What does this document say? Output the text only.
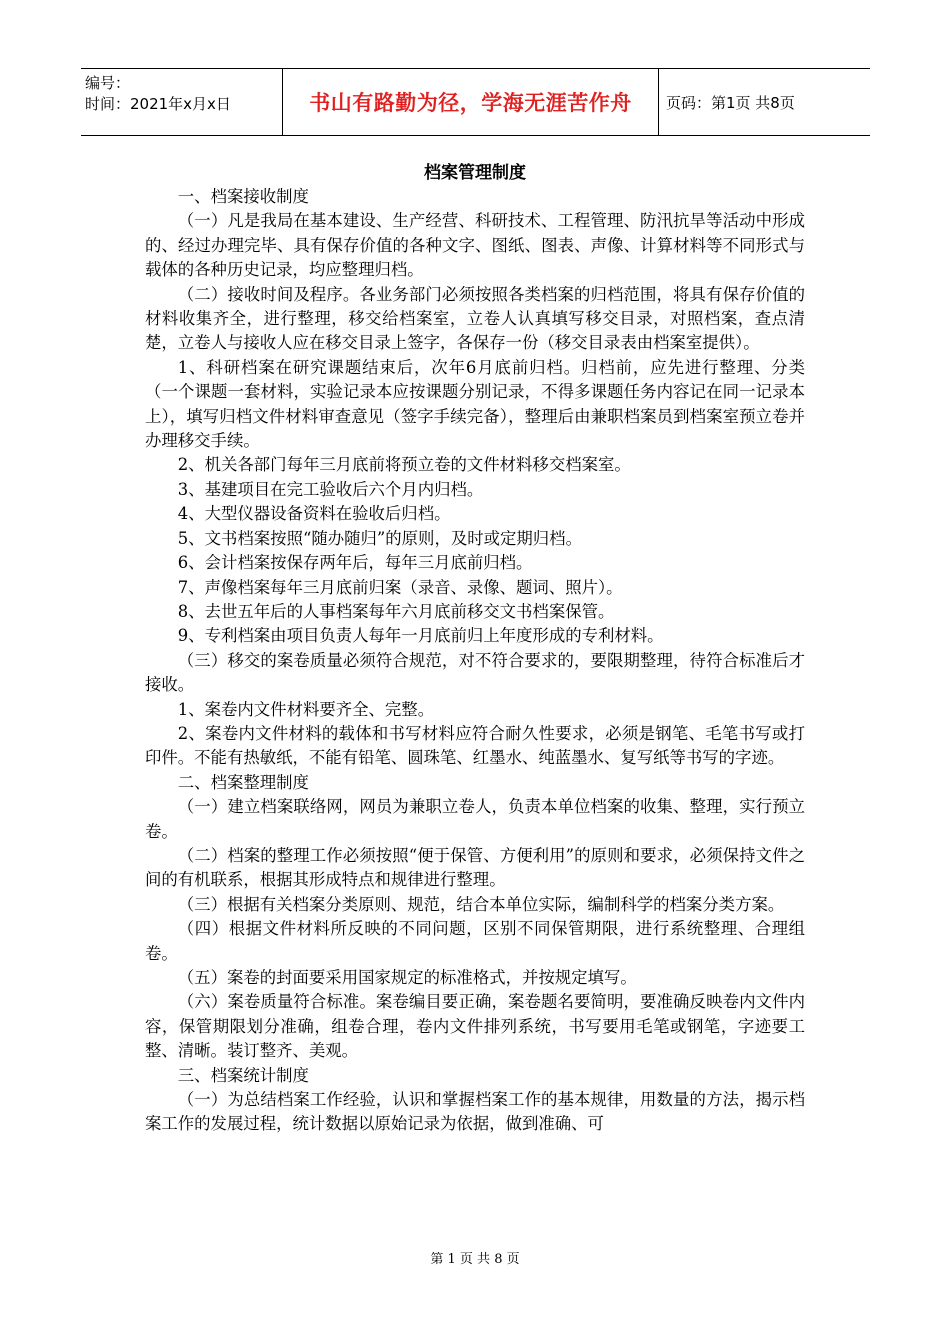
编号：
时间：2021年x月x日	书山有路勤为径，学海无涯苦作舟	页码：第1页 共8页
档案管理制度

一、档案接收制度

（一）凡是我局在基本建设、生产经营、科研技术、工程管理、防汛抗旱等活动中形成的、经过办理完毕、具有保存价值的各种文字、图纸、图表、声像、计算材料等不同形式与载体的各种历史记录，均应整理归档。

（二）接收时间及程序。各业务部门必须按照各类档案的归档范围，将具有保存价值的材料收集齐全，进行整理，移交给档案室，立卷人认真填写移交目录，对照档案，查点清楚，立卷人与接收人应在移交目录上签字，各保存一份（移交目录表由档案室提供）。

1、科研档案在研究课题结束后，次年6月底前归档。归档前，应先进行整理、分类（一个课题一套材料，实验记录本应按课题分别记录，不得多课题任务内容记在同一记录本上），填写归档文件材料审查意见（签字手续完备），整理后由兼职档案员到档案室预立卷并办理移交手续。

2、机关各部门每年三月底前将预立卷的文件材料移交档案室。

3、基建项目在完工验收后六个月内归档。

4、大型仪器设备资料在验收后归档。

5、文书档案按照“随办随归”的原则，及时或定期归档。

6、会计档案按保存两年后，每年三月底前归档。

7、声像档案每年三月底前归案（录音、录像、题词、照片）。

8、去世五年后的人事档案每年六月底前移交文书档案保管。

9、专利档案由项目负责人每年一月底前归上年度形成的专利材料。

（三）移交的案卷质量必须符合规范，对不符合要求的，要限期整理，待符合标准后才接收。

1、案卷内文件材料要齐全、完整。

2、案卷内文件材料的载体和书写材料应符合耐久性要求，必须是钢笔、毛笔书写或打印件。不能有热敏纸，不能有铅笔、圆珠笔、红墨水、纯蓝墨水、复写纸等书写的字迹。

二、档案整理制度

（一）建立档案联络网，网员为兼职立卷人，负责本单位档案的收集、整理，实行预立卷。

（二）档案的整理工作必须按照“便于保管、方便利用”的原则和要求，必须保持文件之间的有机联系，根据其形成特点和规律进行整理。

（三）根据有关档案分类原则、规范，结合本单位实际，编制科学的档案分类方案。

（四）根据文件材料所反映的不同问题，区别不同保管期限，进行系统整理、合理组卷。

（五）案卷的封面要采用国家规定的标准格式，并按规定填写。

（六）案卷质量符合标准。案卷编目要正确，案卷题名要简明，要准确反映卷内文件内容，保管期限划分准确，组卷合理，卷内文件排列系统，书写要用毛笔或钢笔，字迹要工整、清晰。装订整齐、美观。

三、档案统计制度

（一）为总结档案工作经验，认识和掌握档案工作的基本规律，用数量的方法，揭示档案工作的发展过程，统计数据以原始记录为依据，做到准确、可

第 1 页 共 8 页
